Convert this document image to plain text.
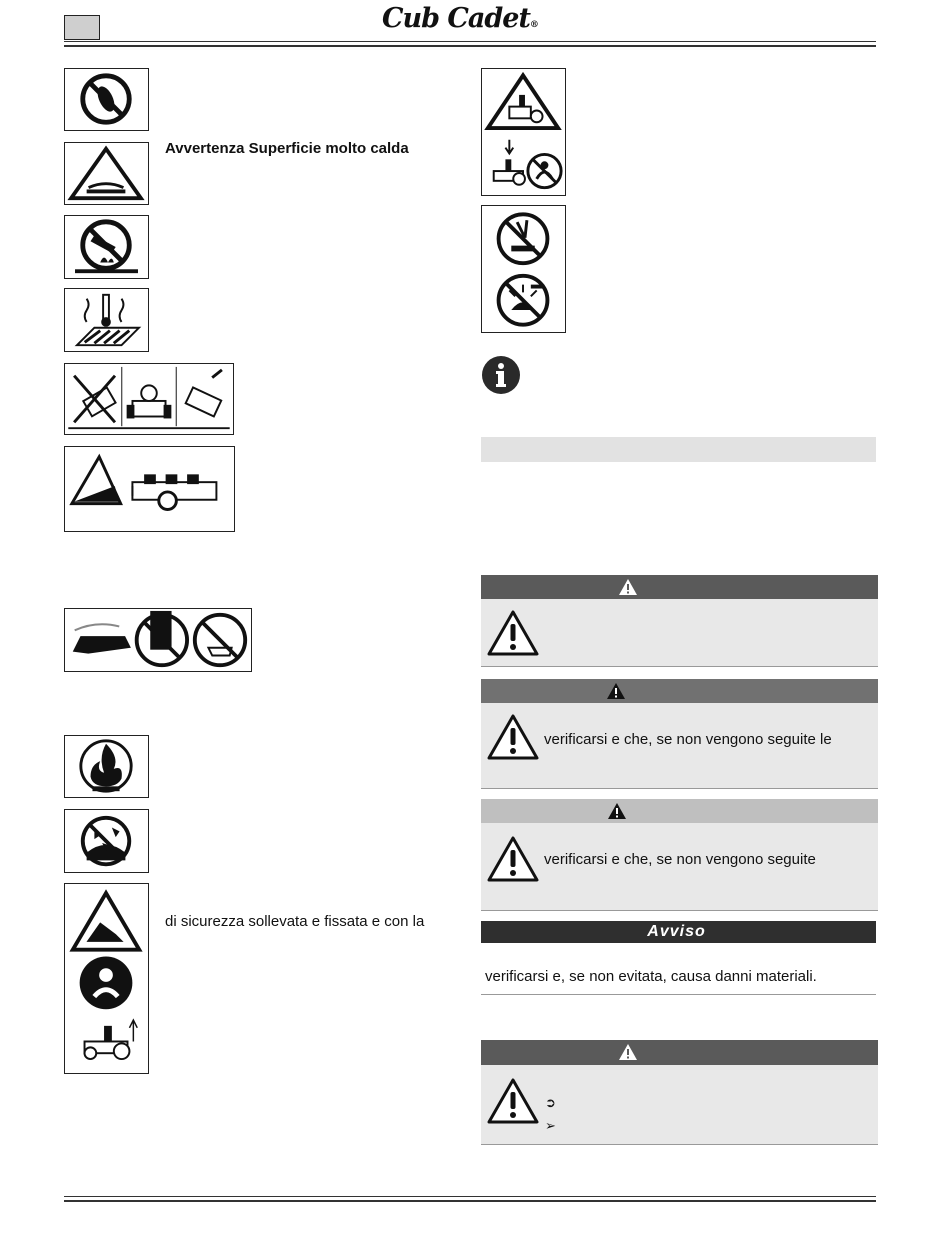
Cub Cadet®
Avvertenza Superficie molto calda
di sicurezza sollevata e fissata e con la
verificarsi e che, se non vengono seguite le
verificarsi e che, se non vengono seguite
Avviso
verificarsi e, se non evitata, causa danni materiali.
➲
➢
